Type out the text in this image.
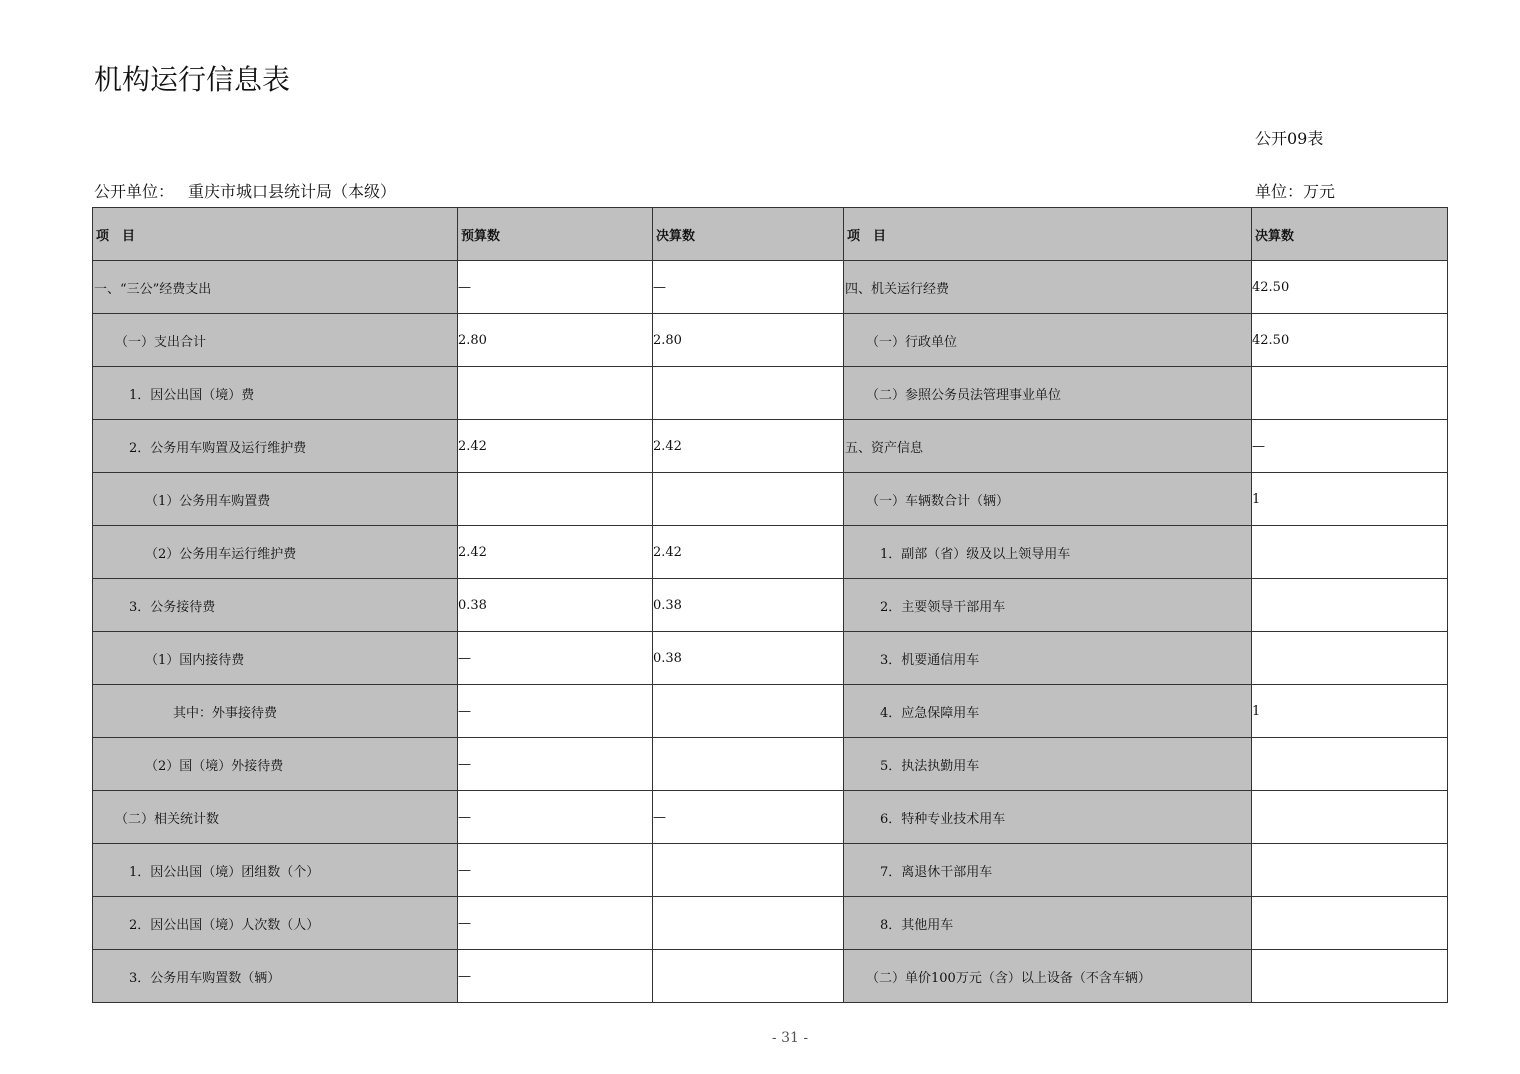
机构运行信息表
公开09表
公开单位： 重庆市城口县统计局（本级）	单位：万元
项　目	预算数	决算数	项　目	决算数
一、“三公”经费支出	—	—	四、机关运行经费	42.50
（一）支出合计	2.80	2.80	（一）行政单位	42.50
1．因公出国（境）费			（二）参照公务员法管理事业单位	
2．公务用车购置及运行维护费	2.42	2.42	五、资产信息	—
（1）公务用车购置费			（一）车辆数合计（辆）	1
（2）公务用车运行维护费	2.42	2.42	1．副部（省）级及以上领导用车	
3．公务接待费	0.38	0.38	2．主要领导干部用车	
（1）国内接待费	—	0.38	3．机要通信用车	
其中：外事接待费	—		4．应急保障用车	1
（2）国（境）外接待费	—		5．执法执勤用车	
（二）相关统计数	—	—	6．特种专业技术用车	
1．因公出国（境）团组数（个）	—		7．离退休干部用车	
2．因公出国（境）人次数（人）	—		8．其他用车	
3．公务用车购置数（辆）	—		（二）单价100万元（含）以上设备（不含车辆）	
- 31 -
